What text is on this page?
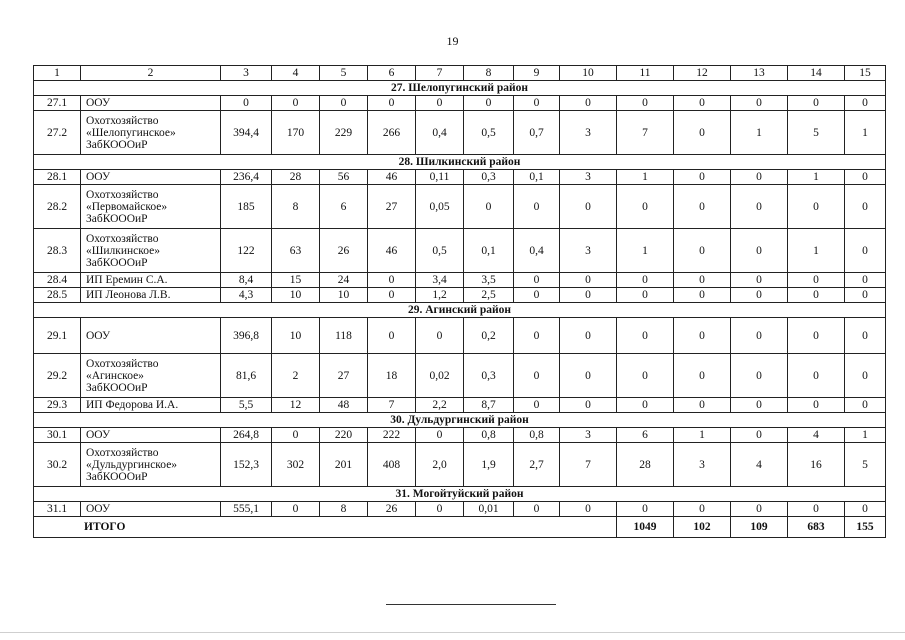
19
1	2	3	4	5	6	7	8	9	10	11	12	13	14	15
27. Шелопугинский район														
27.1	ООУ	0	0	0	0	0	0	0	0	0	0	0	0	0
27.2	Охотхозяйство
«Шелопугинское»
ЗабКОООиР	394,4	170	229	266	0,4	0,5	0,7	3	7	0	1	5	1
28. Шилкинский район														
28.1	ООУ	236,4	28	56	46	0,11	0,3	0,1	3	1	0	0	1	0
28.2	Охотхозяйство
«Первомайское»
ЗабКОООиР	185	8	6	27	0,05	0	0	0	0	0	0	0	0
28.3	Охотхозяйство
«Шилкинское»
ЗабКОООиР	122	63	26	46	0,5	0,1	0,4	3	1	0	0	1	0
28.4	ИП Еремин С.А.	8,4	15	24	0	3,4	3,5	0	0	0	0	0	0	0
28.5	ИП Леонова Л.В.	4,3	10	10	0	1,2	2,5	0	0	0	0	0	0	0
29. Агинский район														
29.1	ООУ	396,8	10	118	0	0	0,2	0	0	0	0	0	0	0
29.2	Охотхозяйство
«Агинское»
ЗабКОООиР	81,6	2	27	18	0,02	0,3	0	0	0	0	0	0	0
29.3	ИП Федорова И.А.	5,5	12	48	7	2,2	8,7	0	0	0	0	0	0	0
30. Дульдургинский район														
30.1	ООУ	264,8	0	220	222	0	0,8	0,8	3	6	1	0	4	1
30.2	Охотхозяйство
«Дульдургинское»
ЗабКОООиР	152,3	302	201	408	2,0	1,9	2,7	7	28	3	4	16	5
31. Могойтуйский район														
31.1	ООУ	555,1	0	8	26	0	0,01	0	0	0	0	0	0	0
ИТОГО										1049	102	109	683	155
